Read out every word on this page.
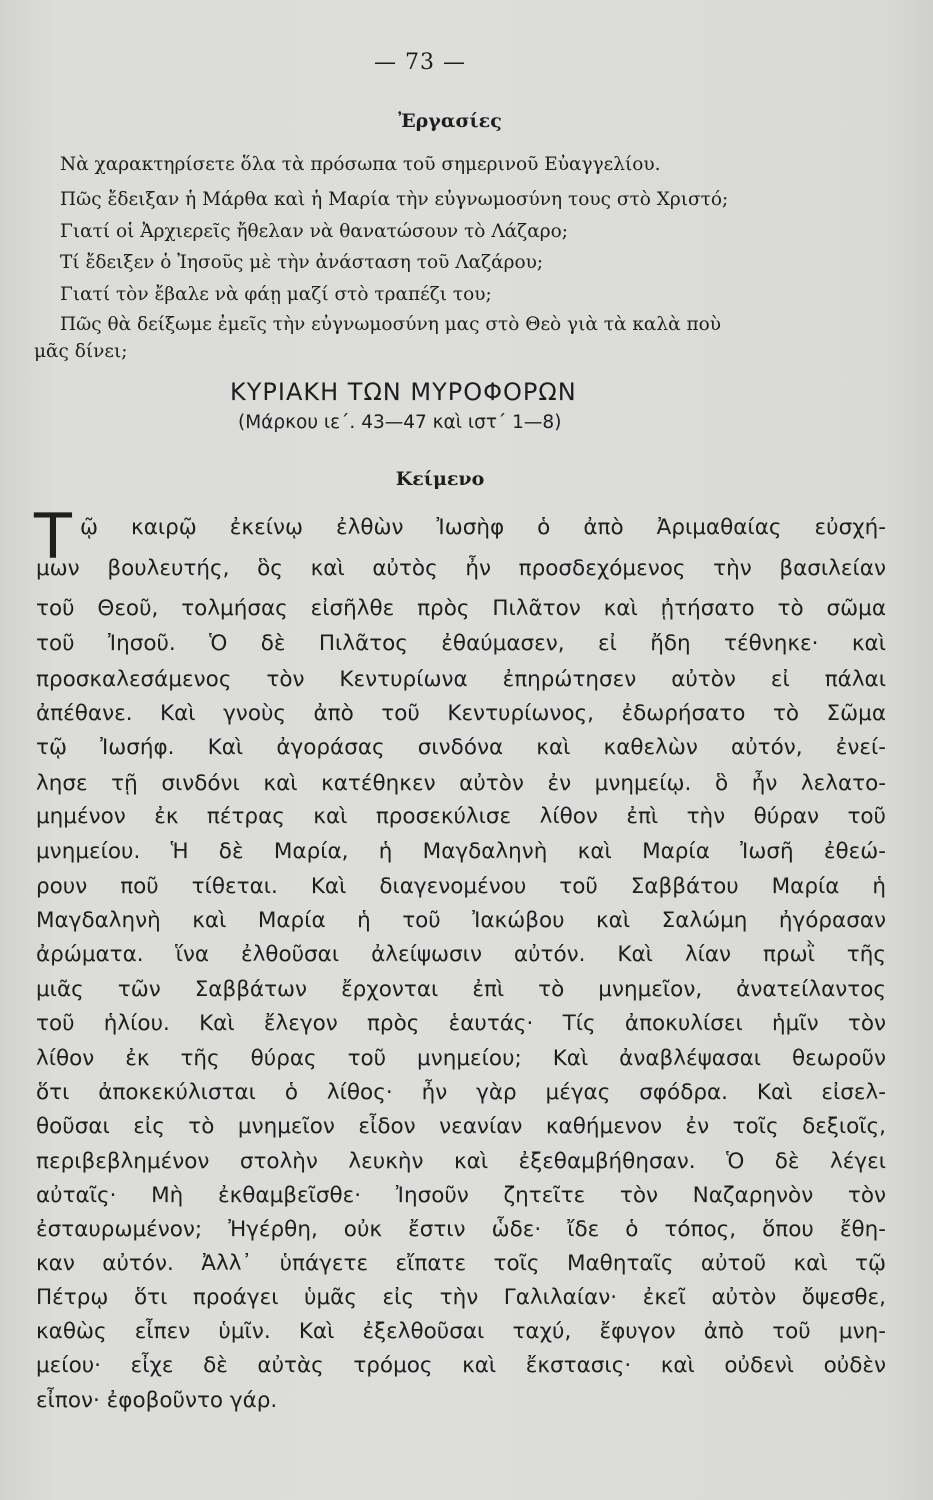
— 73 —
Ἐργασίες
Νὰ χαρακτηρίσετε ὅλα τὰ πρόσωπα τοῦ σημερινοῦ Εὐαγγελίου.
Πῶς ἔδειξαν ἡ Μάρθα καὶ ἡ Μαρία τὴν εὐγνωμοσύνη τους στὸ Χριστό;
Γιατί οἱ Ἀρχιερεῖς ἤθελαν νὰ θανατώσουν τὸ Λάζαρο;
Τί ἔδειξεν ὁ Ἰησοῦς μὲ τὴν ἀνάσταση τοῦ Λαζάρου;
Γιατί τὸν ἔβαλε νὰ φάῃ μαζί στὸ τραπέζι του;
Πῶς θὰ δείξωμε ἐμεῖς τὴν εὐγνωμοσύνη μας στὸ Θεὸ γιὰ τὰ καλὰ ποὺ
μᾶς δίνει;
ΚΥΡΙΑΚΗ ΤΩΝ ΜΥΡΟΦΟΡΩΝ
(Μάρκου ιε΄. 43—47 καὶ ιστ΄ 1—8)
Κείμενο
Τ ῷ καιρῷ ἐκείνῳ ἐλθὼν Ἰωσὴφ ὁ ἀπὸ Ἀριμαθαίας εὐσχή-
μων βουλευτής, ὃς καὶ αὐτὸς ἦν προσδεχόμενος τὴν βασιλείαν
τοῦ Θεοῦ, τολμήσας εἰσῆλθε πρὸς Πιλᾶτον καὶ ᾐτήσατο τὸ σῶμα
τοῦ Ἰησοῦ. Ὁ δὲ Πιλᾶτος ἐθαύμασεν, εἰ ἤδη τέθνηκε· καὶ
προσκαλεσάμενος τὸν Κεντυρίωνα ἐπηρώτησεν αὐτὸν εἰ πάλαι
ἀπέθανε. Καὶ γνοὺς ἀπὸ τοῦ Κεντυρίωνος, ἐδωρήσατο τὸ Σῶμα
τῷ Ἰωσήφ. Καὶ ἀγοράσας σινδόνα καὶ καθελὼν αὐτόν, ἐνεί-
λησε τῇ σινδόνι καὶ κατέθηκεν αὐτὸν ἐν μνημείῳ. ὃ ἦν λελατο-
μημένον ἐκ πέτρας καὶ προσεκύλισε λίθον ἐπὶ τὴν θύραν τοῦ
μνημείου. Ἡ δὲ Μαρία, ἡ Μαγδαληνὴ καὶ Μαρία Ἰωσῆ ἐθεώ-
ρουν ποῦ τίθεται. Καὶ διαγενομένου τοῦ Σαββάτου Μαρία ἡ
Μαγδαληνὴ καὶ Μαρία ἡ τοῦ Ἰακώβου καὶ Σαλώμη ἠγόρασαν
ἀρώματα. ἵνα ἐλθοῦσαι ἀλείψωσιν αὐτόν. Καὶ λίαν πρωῒ τῆς
μιᾶς τῶν Σαββάτων ἔρχονται ἐπὶ τὸ μνημεῖον, ἀνατείλαντος
τοῦ ἡλίου. Καὶ ἔλεγον πρὸς ἑαυτάς· Τίς ἀποκυλίσει ἡμῖν τὸν
λίθον ἐκ τῆς θύρας τοῦ μνημείου; Καὶ ἀναβλέψασαι θεωροῦν
ὅτι ἀποκεκύλισται ὁ λίθος· ἦν γὰρ μέγας σφόδρα. Καὶ εἰσελ-
θοῦσαι εἰς τὸ μνημεῖον εἶδον νεανίαν καθήμενον ἐν τοῖς δεξιοῖς,
περιβεβλημένον στολὴν λευκὴν καὶ ἐξεθαμβήθησαν. Ὁ δὲ λέγει
αὐταῖς· Μὴ ἐκθαμβεῖσθε· Ἰησοῦν ζητεῖτε τὸν Ναζαρηνὸν τὸν
ἐσταυρωμένον; Ἠγέρθη, οὐκ ἔστιν ὧδε· ἴδε ὁ τόπος, ὅπου ἔθη-
καν αὐτόν. Ἀλλ᾽ ὑπάγετε εἴπατε τοῖς Μαθηταῖς αὐτοῦ καὶ τῷ
Πέτρῳ ὅτι προάγει ὑμᾶς εἰς τὴν Γαλιλαίαν· ἐκεῖ αὐτὸν ὄψεσθε,
καθὼς εἶπεν ὑμῖν. Καὶ ἐξελθοῦσαι ταχύ, ἔφυγον ἀπὸ τοῦ μνη-
μείου· εἶχε δὲ αὐτὰς τρόμος καὶ ἔκστασις· καὶ οὐδενὶ οὐδὲν
εἶπον· ἐφοβοῦντο γάρ.
